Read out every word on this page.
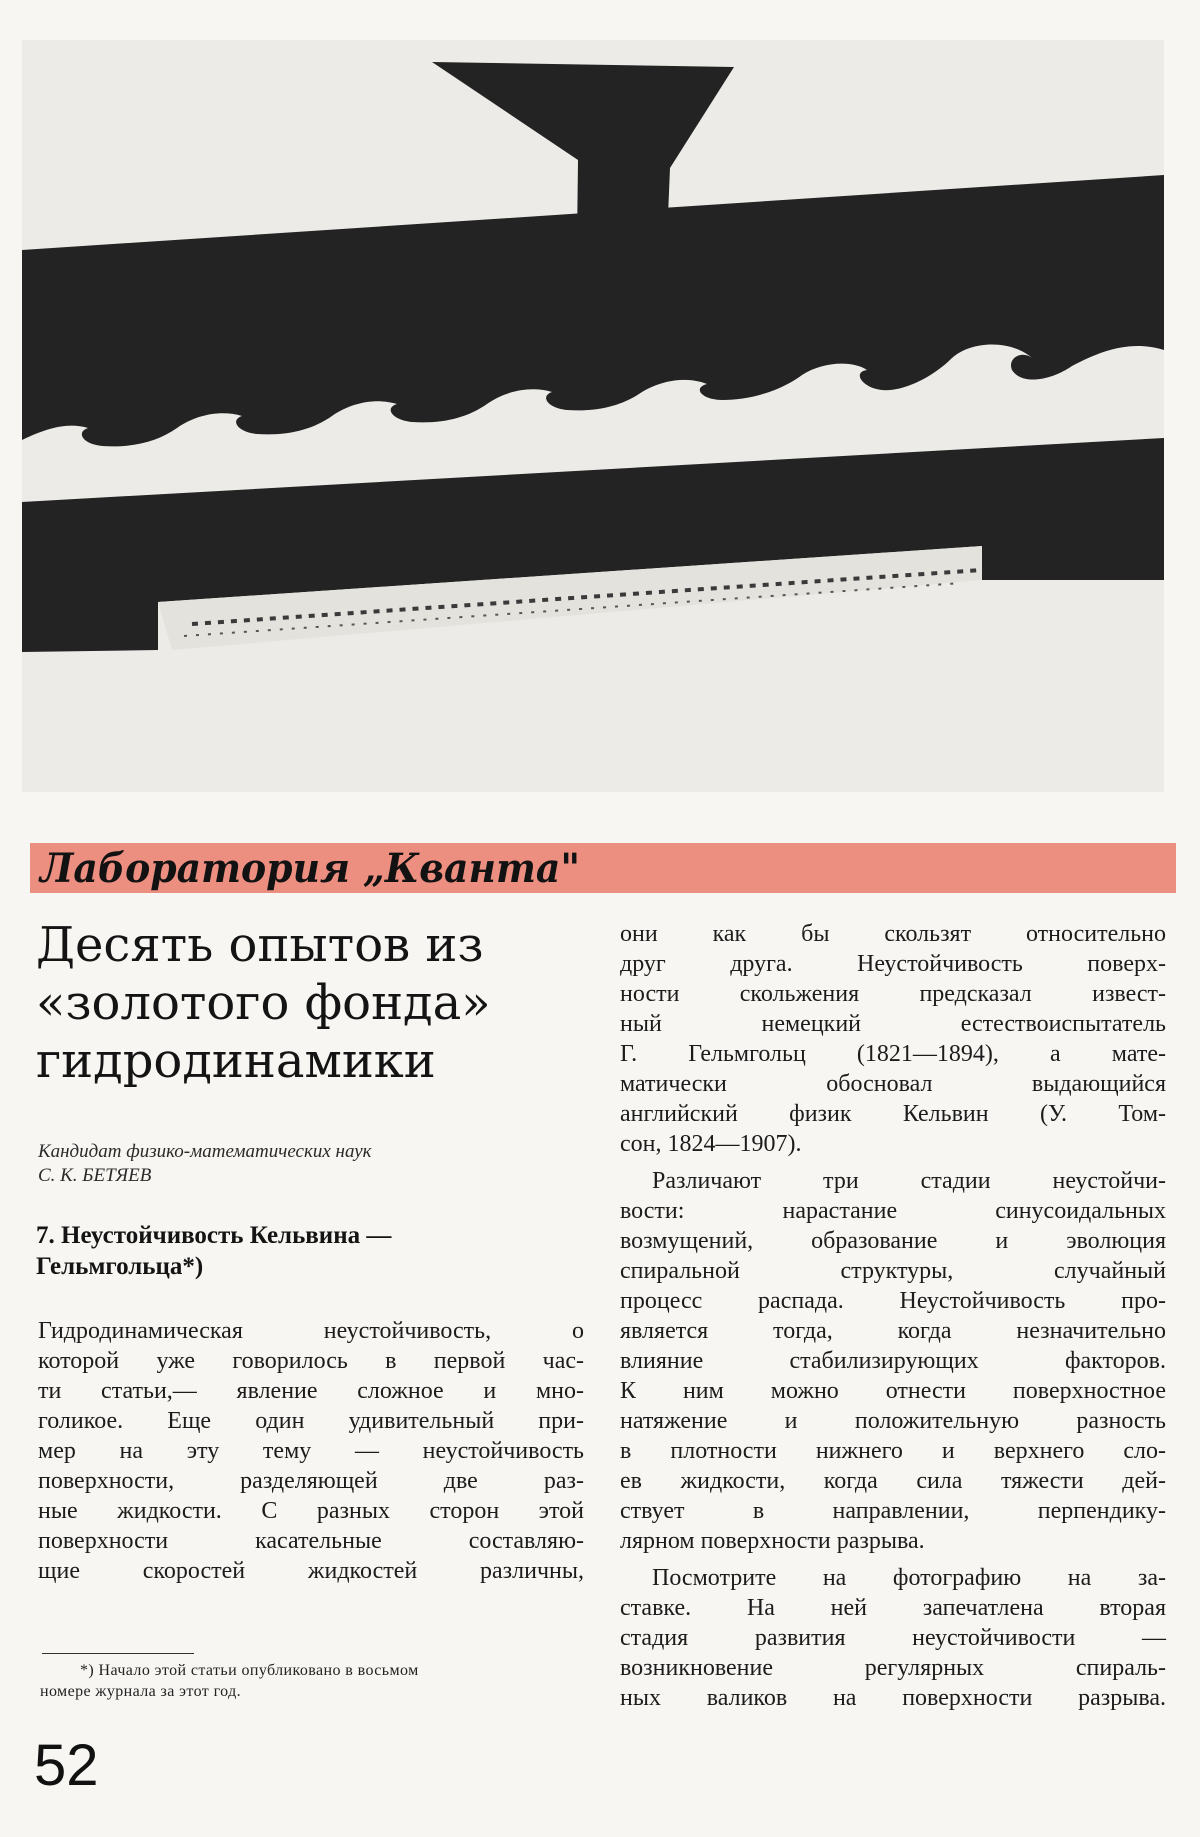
Лаборатория „Кванта"
Десять опытов из
«золотого фонда»
гидродинамики
Кандидат физико-математических наук
С. К. БЕТЯЕВ
7. Неустойчивость Кельвина —
Гельмгольца*)
Гидродинамическая неустойчивость, о
которой уже говорилось в первой час-
ти статьи,— явление сложное и мно-
голикое. Еще один удивительный при-
мер на эту тему — неустойчивость
поверхности, разделяющей две раз-
ные жидкости. С разных сторон этой
поверхности касательные составляю-
щие скоростей жидкостей различны,
они как бы скользят относительно
друг друга. Неустойчивость поверх-
ности скольжения предсказал извест-
ный немецкий естествоиспытатель
Г. Гельмгольц (1821—1894), а мате-
матически обосновал выдающийся
английский физик Кельвин (У. Том-
сон, 1824—1907).
Различают три стадии неустойчи-
вости: нарастание синусоидальных
возмущений, образование и эволюция
спиральной структуры, случайный
процесс распада. Неустойчивость про-
является тогда, когда незначительно
влияние стабилизирующих факторов.
К ним можно отнести поверхностное
натяжение и положительную разность
в плотности нижнего и верхнего сло-
ев жидкости, когда сила тяжести дей-
ствует в направлении, перпендику-
лярном поверхности разрыва.
Посмотрите на фотографию на за-
ставке. На ней запечатлена вторая
стадия развития неустойчивости —
возникновение регулярных спираль-
ных валиков на поверхности разрыва.
*) Начало этой статьи опубликовано в восьмом
номере журнала за этот год.
52
